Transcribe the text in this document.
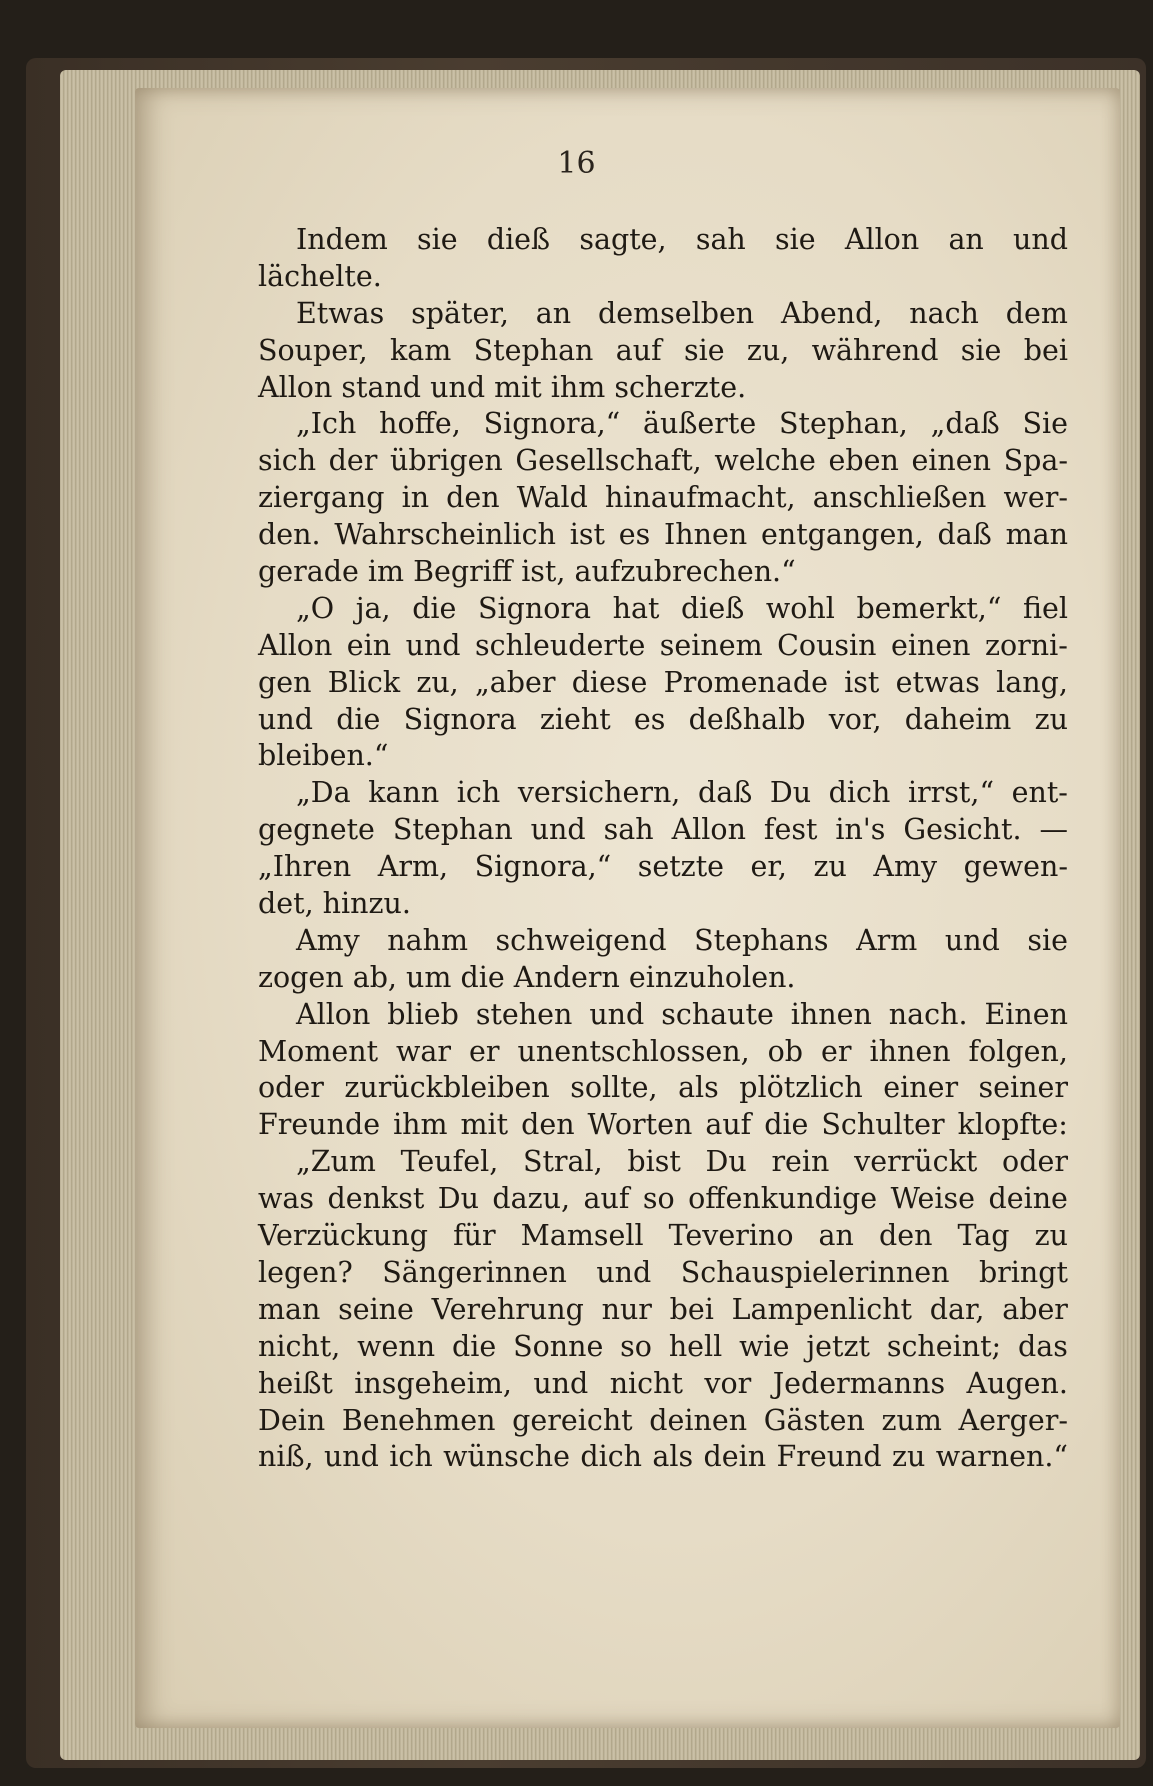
16
Indem sie dieß sagte, sah sie Allon an und
lächelte.
Etwas später, an demselben Abend, nach dem
Souper, kam Stephan auf sie zu, während sie bei
Allon stand und mit ihm scherzte.
„Ich hoffe, Signora,“ äußerte Stephan, „daß Sie
sich der übrigen Gesellschaft, welche eben einen Spa-
ziergang in den Wald hinaufmacht, anschließen wer-
den. Wahrscheinlich ist es Ihnen entgangen, daß man
gerade im Begriff ist, aufzubrechen.“
„O ja, die Signora hat dieß wohl bemerkt,“ fiel
Allon ein und schleuderte seinem Cousin einen zorni-
gen Blick zu, „aber diese Promenade ist etwas lang,
und die Signora zieht es deßhalb vor, daheim zu
bleiben.“
„Da kann ich versichern, daß Du dich irrst,“ ent-
gegnete Stephan und sah Allon fest in's Gesicht. —
„Ihren Arm, Signora,“ setzte er, zu Amy gewen-
det, hinzu.
Amy nahm schweigend Stephans Arm und sie
zogen ab, um die Andern einzuholen.
Allon blieb stehen und schaute ihnen nach. Einen
Moment war er unentschlossen, ob er ihnen folgen,
oder zurückbleiben sollte, als plötzlich einer seiner
Freunde ihm mit den Worten auf die Schulter klopfte:
„Zum Teufel, Stral, bist Du rein verrückt oder
was denkst Du dazu, auf so offenkundige Weise deine
Verzückung für Mamsell Teverino an den Tag zu
legen? Sängerinnen und Schauspielerinnen bringt
man seine Verehrung nur bei Lampenlicht dar, aber
nicht, wenn die Sonne so hell wie jetzt scheint; das
heißt insgeheim, und nicht vor Jedermanns Augen.
Dein Benehmen gereicht deinen Gästen zum Aerger-
niß, und ich wünsche dich als dein Freund zu warnen.“
